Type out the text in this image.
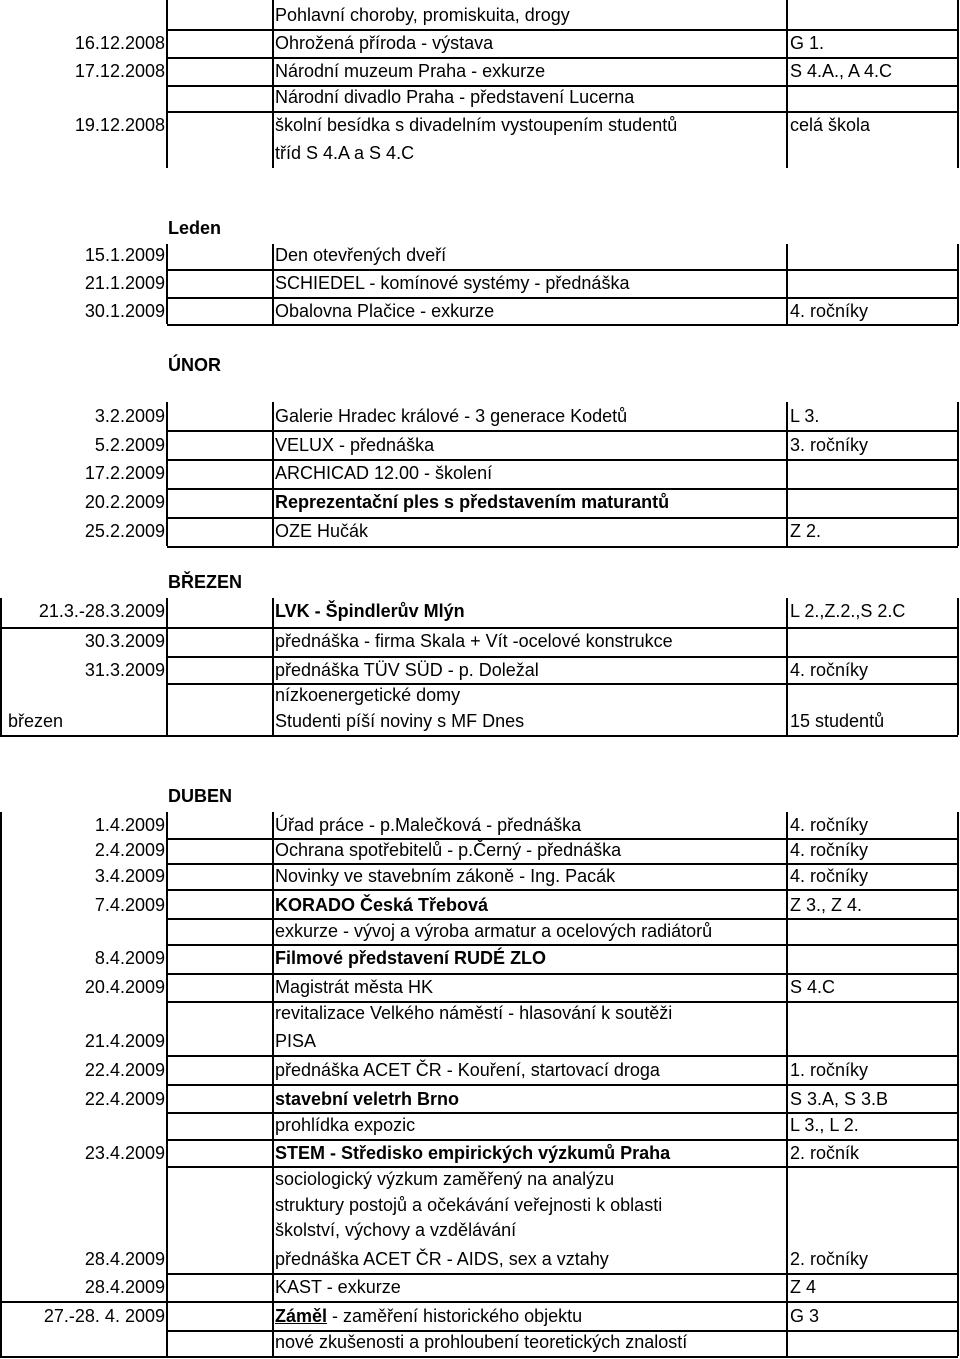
Leden
ÚNOR
BŘEZEN
DUBEN
Pohlavní choroby, promiskuita, drogy
16.12.2008	Ohrožená příroda - výstava	G 1.
17.12.2008	Národní muzeum Praha - exkurze	S 4.A., A 4.C
Národní divadlo Praha - představení Lucerna
19.12.2008	školní besídka s divadelním vystoupením studentů	celá škola
tříd S 4.A a S 4.C
15.1.2009	Den otevřených dveří
21.1.2009	SCHIEDEL - komínové systémy - přednáška
30.1.2009	Obalovna Plačice - exkurze	4. ročníky
3.2.2009	Galerie Hradec králové - 3 generace Kodetů	L 3.
5.2.2009	VELUX - přednáška	3. ročníky
17.2.2009	ARCHICAD 12.00 - školení
20.2.2009	Reprezentační ples s představením maturantů
25.2.2009	OZE Hučák	Z 2.
21.3.-28.3.2009	LVK - Špindlerův Mlýn	L 2.,Z.2.,S 2.C
30.3.2009	přednáška - firma Skala + Vít -ocelové konstrukce
31.3.2009	přednáška TÜV SÜD - p. Doležal	4. ročníky
nízkoenergetické domy
březen	Studenti píší noviny s MF Dnes	15 studentů
1.4.2009	Úřad práce - p.Malečková - přednáška	4. ročníky
2.4.2009	Ochrana spotřebitelů - p.Černý - přednáška	4. ročníky
3.4.2009	Novinky ve stavebním zákoně - Ing. Pacák	4. ročníky
7.4.2009	KORADO Česká Třebová	Z 3., Z 4.
exkurze - vývoj a výroba armatur a ocelových radiátorů
8.4.2009	Filmové představení RUDÉ ZLO
20.4.2009	Magistrát města HK	S 4.C
revitalizace Velkého náměstí - hlasování k soutěži
21.4.2009	PISA
22.4.2009	přednáška ACET ČR - Kouření, startovací droga	1. ročníky
22.4.2009	stavební veletrh Brno	S 3.A, S 3.B
prohlídka expozic	L 3., L 2.
23.4.2009	STEM - Středisko empirických výzkumů Praha	2. ročník
sociologický výzkum zaměřený na analýzu
struktury postojů a očekávání veřejnosti k oblasti
školství, výchovy a vzdělávání
28.4.2009	přednáška ACET ČR - AIDS, sex a vztahy	2. ročníky
28.4.2009	KAST - exkurze	Z 4
27.-28. 4. 2009	Záměl - zaměření historického objektu	G 3
nové zkušenosti a prohloubení teoretických znalostí
